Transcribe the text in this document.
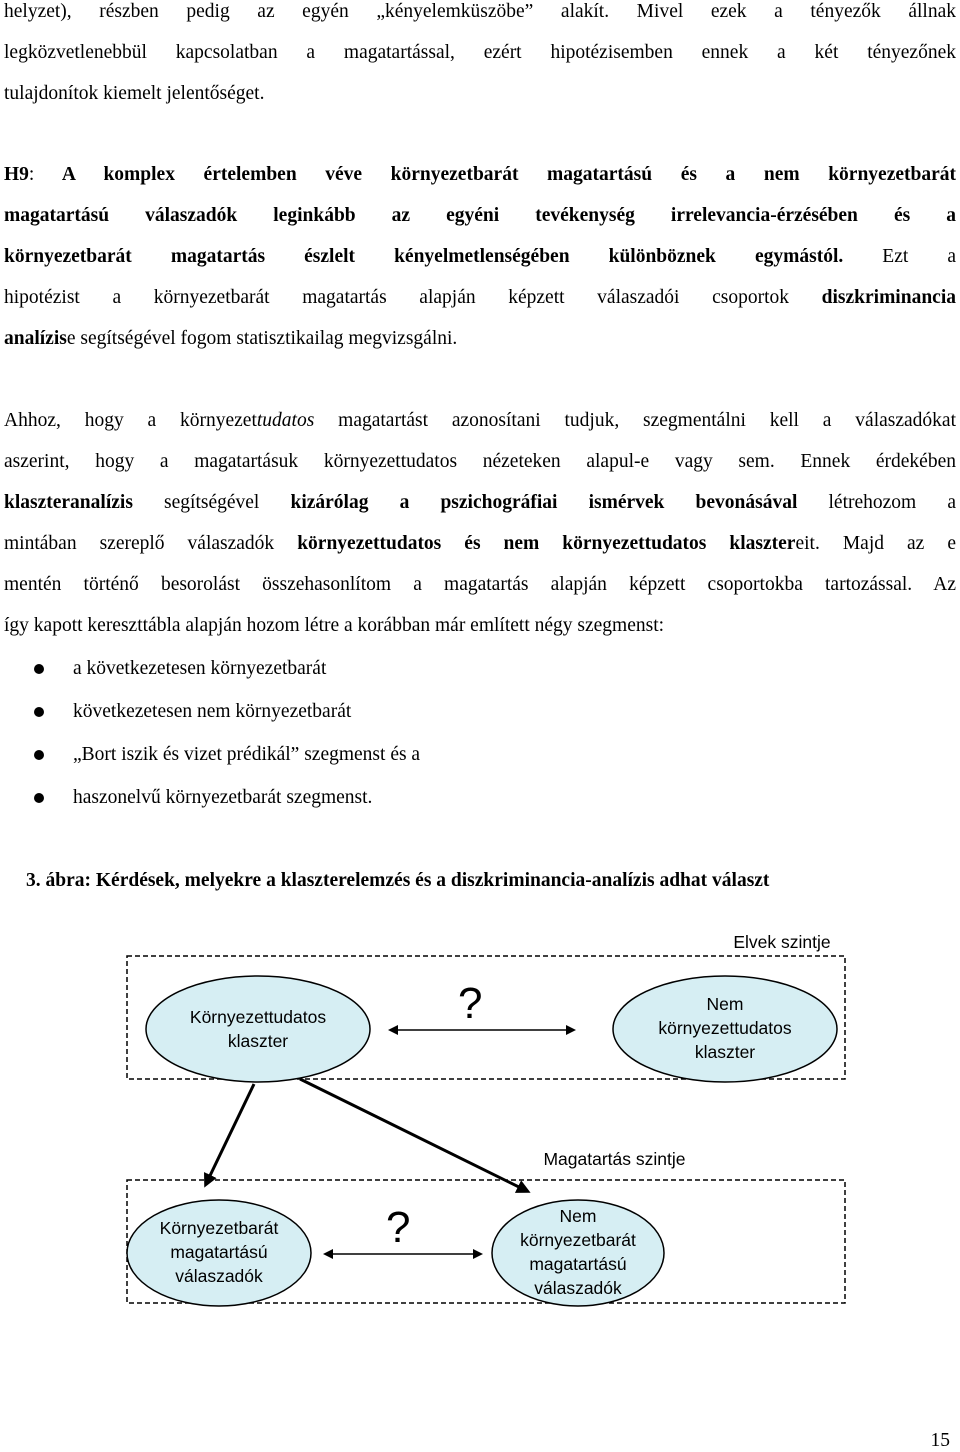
helyzet), részben pedig az egyén „kényelemküszöbe” alakít. Mivel ezek a tényezők állnak
legközvetlenebbül kapcsolatban a magatartással, ezért hipotézisemben ennek a két tényezőnek
tulajdonítok kiemelt jelentőséget.
H9: A komplex értelemben véve környezetbarát magatartású és a nem környezetbarát
magatartású válaszadók leginkább az egyéni tevékenység irrelevancia-érzésében és a
környezetbarát magatartás észlelt kényelmetlenségében különböznek egymástól. Ezt a
hipotézist a környezetbarát magatartás alapján képzett válaszadói csoportok diszkriminancia
analízise segítségével fogom statisztikailag megvizsgálni.
Ahhoz, hogy a környezettudatos magatartást azonosítani tudjuk, szegmentálni kell a válaszadókat
aszerint, hogy a magatartásuk környezettudatos nézeteken alapul-e vagy sem. Ennek érdekében
klaszteranalízis segítségével kizárólag a pszichográfiai ismérvek bevonásával létrehozom a
mintában szereplő válaszadók környezettudatos és nem környezettudatos klasztereit. Majd az e
mentén történő besorolást összehasonlítom a magatartás alapján képzett csoportokba tartozással. Az
így kapott kereszttábla alapján hozom létre a korábban már említett négy szegmenst:
a következetesen környezetbarát
következetesen nem környezetbarát
„Bort iszik és vizet prédikál” szegmenst és a
haszonelvű környezetbarát szegmenst.
3. ábra: Kérdések, melyekre a klaszterelemzés és a diszkriminancia-analízis adhat választ
Elvek szintje
Magatartás szintje
Környezettudatos
klaszter
Nem
környezettudatos
klaszter
Környezetbarát
magatartású
válaszadók
Nem
környezetbarát
magatartású
válaszadók
?
?
15
